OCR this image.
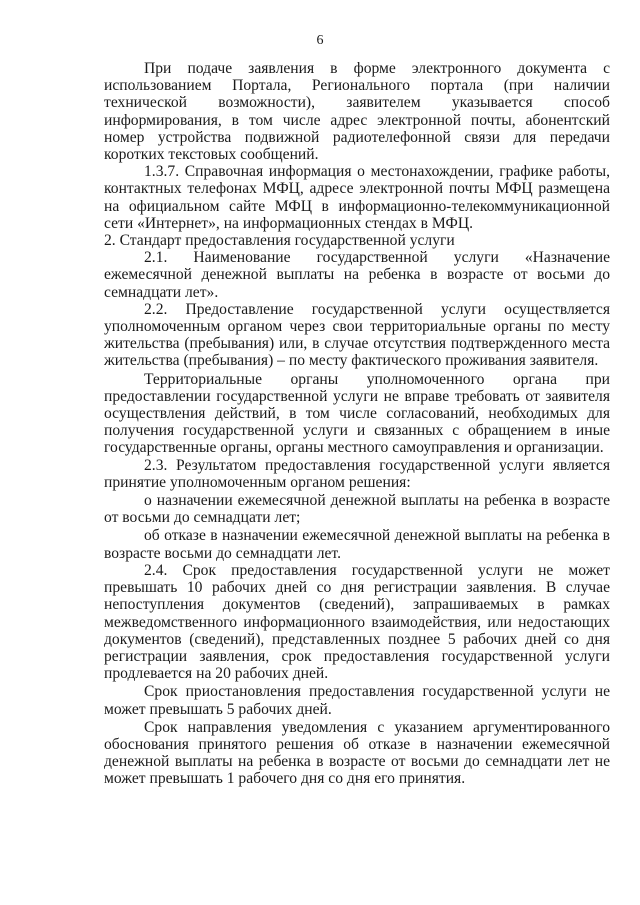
6

При подаче заявления в форме электронного документа с использованием Портала, Регионального портала (при наличии технической возможности), заявителем указывается способ информирования, в том числе адрес электронной почты, абонентский номер устройства подвижной радиотелефонной связи для передачи коротких текстовых сообщений.

1.3.7. Справочная информация о местонахождении, графике работы, контактных телефонах МФЦ, адресе электронной почты МФЦ размещена на официальном сайте МФЦ в информационно-телекоммуникационной сети «Интернет», на информационных стендах в МФЦ.

2. Стандарт предоставления государственной услуги

2.1. Наименование государственной услуги «Назначение ежемесячной денежной выплаты на ребенка в возрасте от восьми до семнадцати лет».

2.2. Предоставление государственной услуги осуществляется уполномоченным органом через свои территориальные органы по месту жительства (пребывания) или, в случае отсутствия подтвержденного места жительства (пребывания) – по месту фактического проживания заявителя.

Территориальные органы уполномоченного органа при предоставлении государственной услуги не вправе требовать от заявителя осуществления действий, в том числе согласований, необходимых для получения государственной услуги и связанных с обращением в иные государственные органы, органы местного самоуправления и организации.

2.3. Результатом предоставления государственной услуги является принятие уполномоченным органом решения:

о назначении ежемесячной денежной выплаты на ребенка в возрасте от восьми до семнадцати лет;

об отказе в назначении ежемесячной денежной выплаты на ребенка в возрасте восьми до семнадцати лет.

2.4. Срок предоставления государственной услуги не может превышать 10 рабочих дней со дня регистрации заявления. В случае непоступления документов (сведений), запрашиваемых в рамках межведомственного информационного взаимодействия, или недостающих документов (сведений), представленных позднее 5 рабочих дней со дня регистрации заявления, срок предоставления государственной услуги продлевается на 20 рабочих дней.

Срок приостановления предоставления государственной услуги не может превышать 5 рабочих дней.

Срок направления уведомления с указанием аргументированного обоснования принятого решения об отказе в назначении ежемесячной денежной выплаты на ребенка в возрасте от восьми до семнадцати лет не может превышать 1 рабочего дня со дня его принятия.
